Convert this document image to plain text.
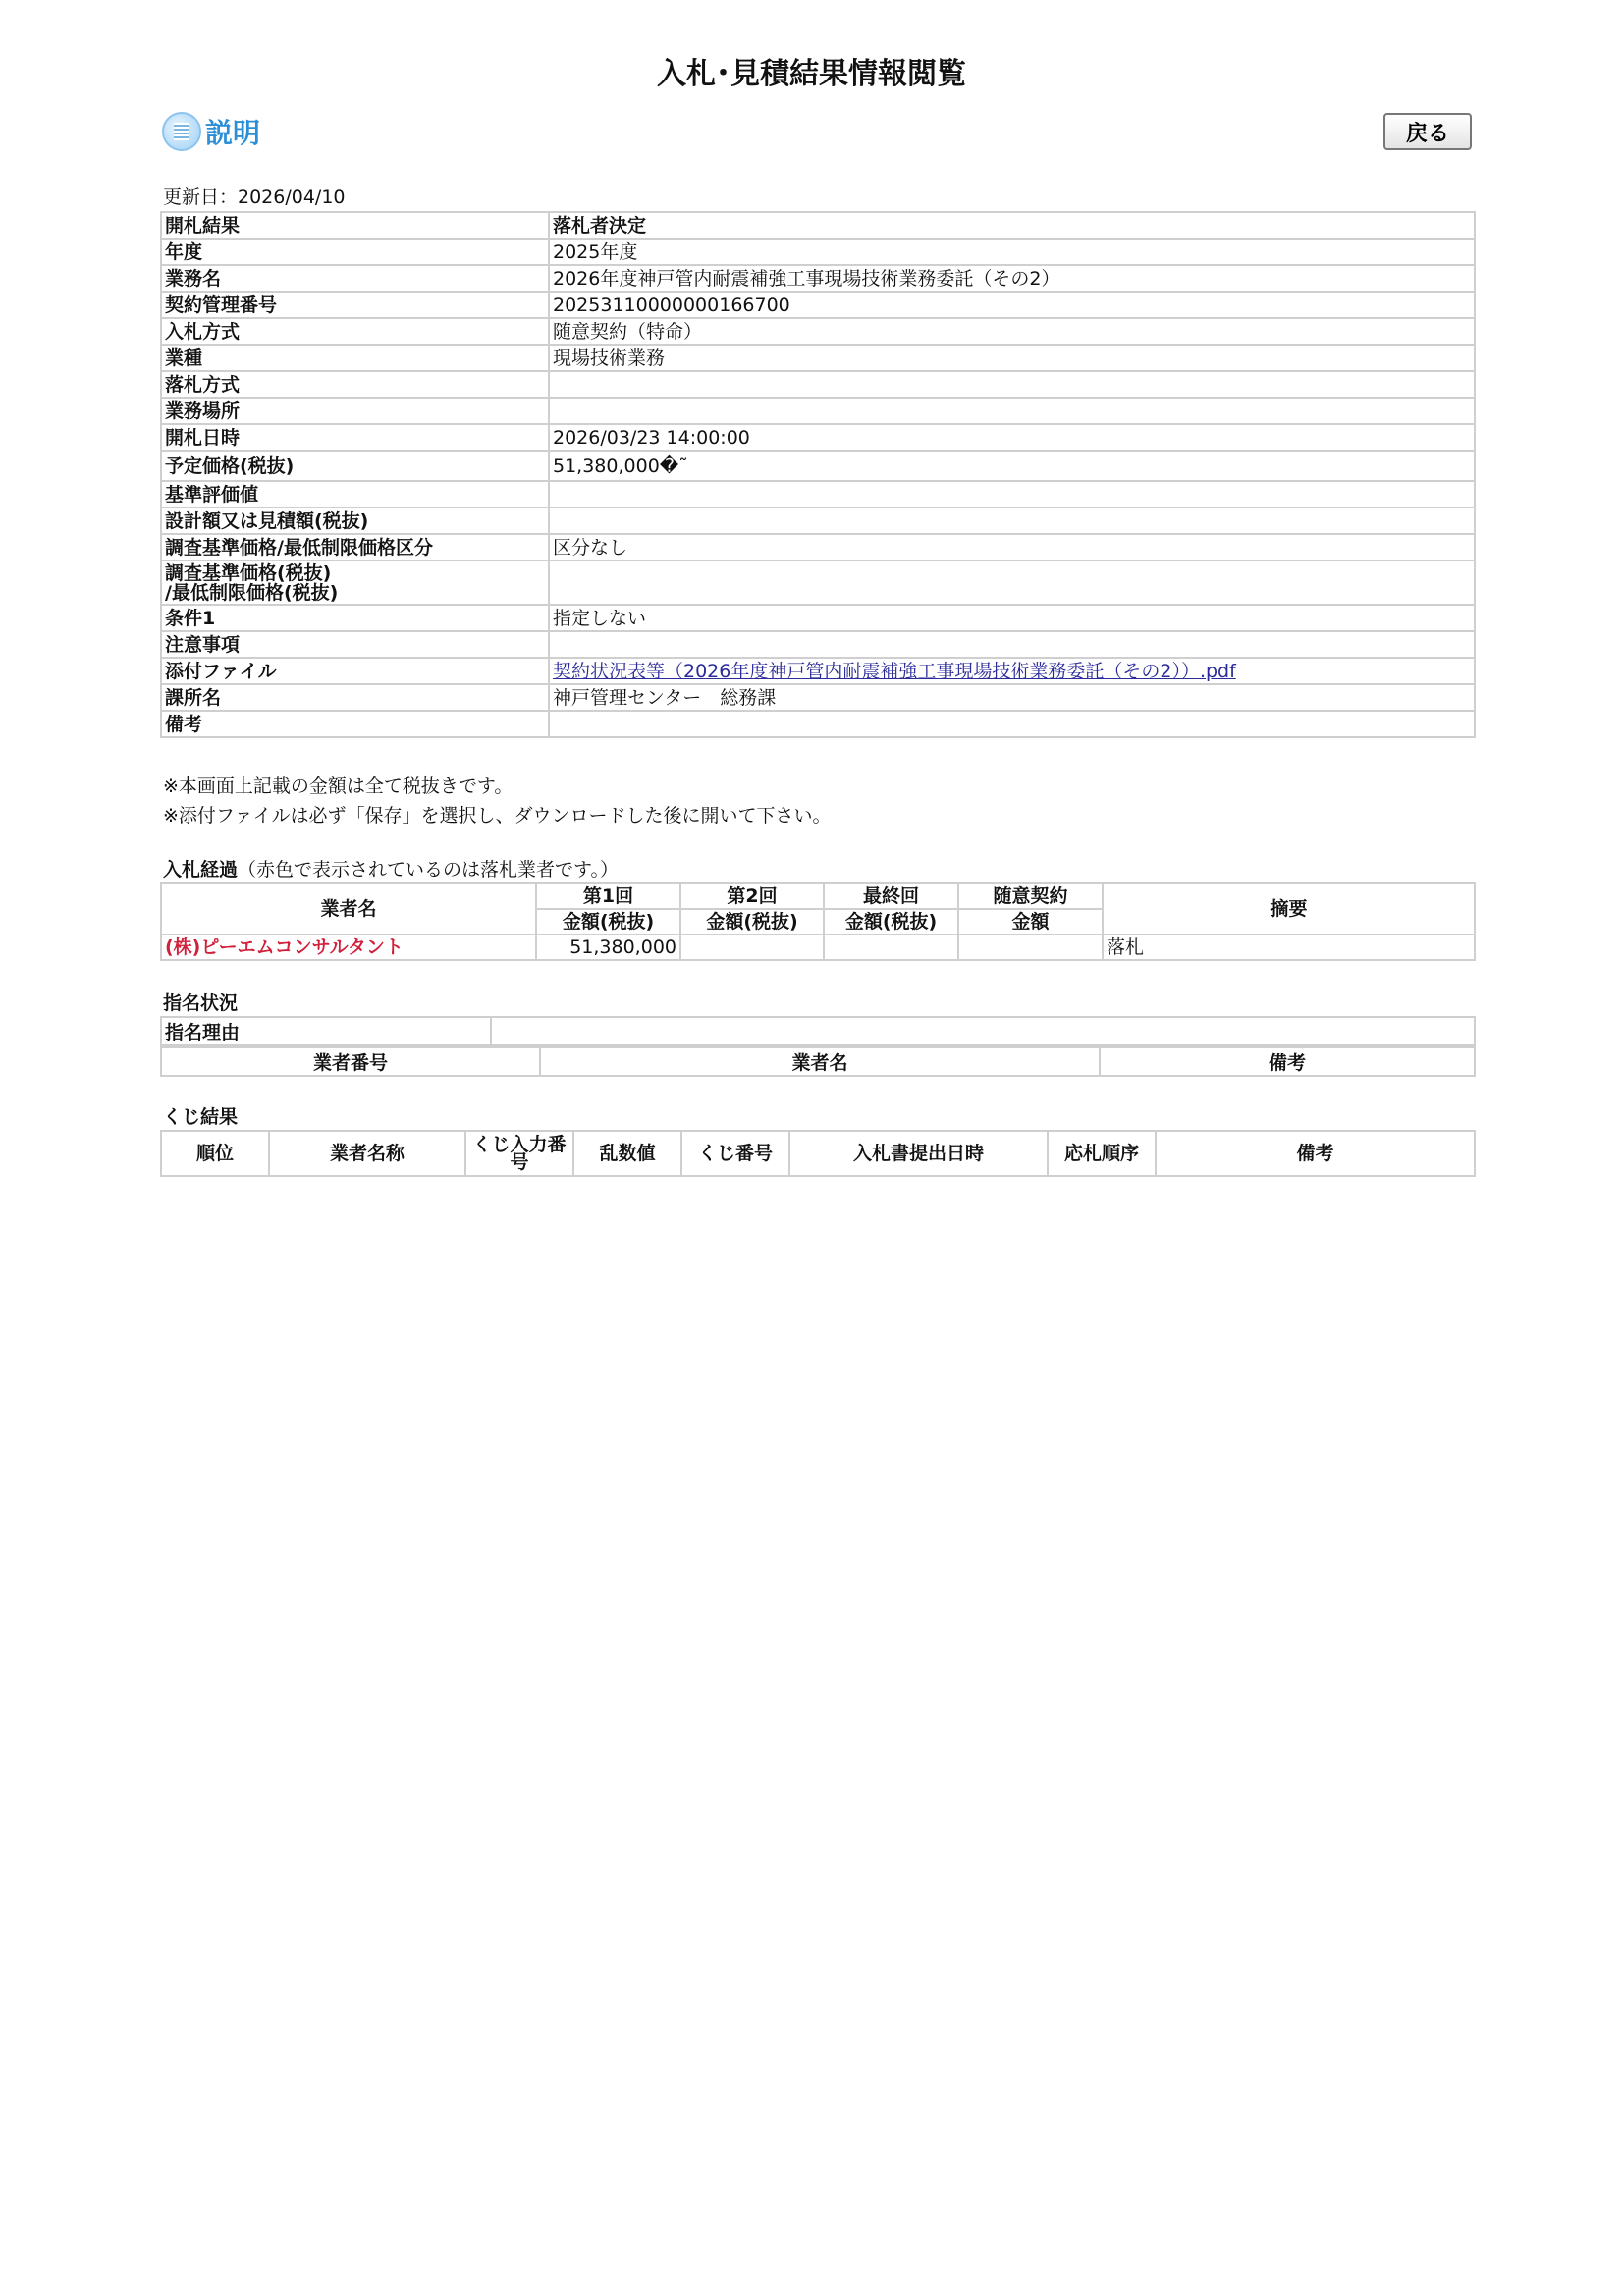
入札･見積結果情報閲覧
説明	戻る
更新日：2026/04/10
開札結果	落札者決定
年度	2025年度
業務名	2026年度神戸管内耐震補強工事現場技術業務委託（その2）
契約管理番号	20253110000000166700
入札方式	随意契約（特命）
業種	現場技術業務
落札方式	
業務場所	
開札日時	2026/03/23 14:00:00
予定価格(税抜)	51,380,000�˜
基準評価値	
設計額又は見積額(税抜)	
調査基準価格/最低制限価格区分	区分なし
調査基準価格(税抜)
/最低制限価格(税抜)	
条件1	指定しない
注意事項	
添付ファイル	契約状況表等（2026年度神戸管内耐震補強工事現場技術業務委託（その2））.pdf
課所名	神戸管理センター　総務課
備考	
※本画面上記載の金額は全て税抜きです。
※添付ファイルは必ず「保存」を選択し、ダウンロードした後に開いて下さい。
入札経過（赤色で表示されているのは落札業者です。）
業者名	第1回	第2回	最終回	随意契約	摘要
	金額(税抜)	金額(税抜)	金額(税抜)	金額	
(株)ピーエムコンサルタント	51,380,000				落札
指名状況
指名理由	
業者番号	業者名	備考
くじ結果
順位	業者名称	くじ入力番号	乱数値	くじ番号	入札書提出日時	応札順序	備考
